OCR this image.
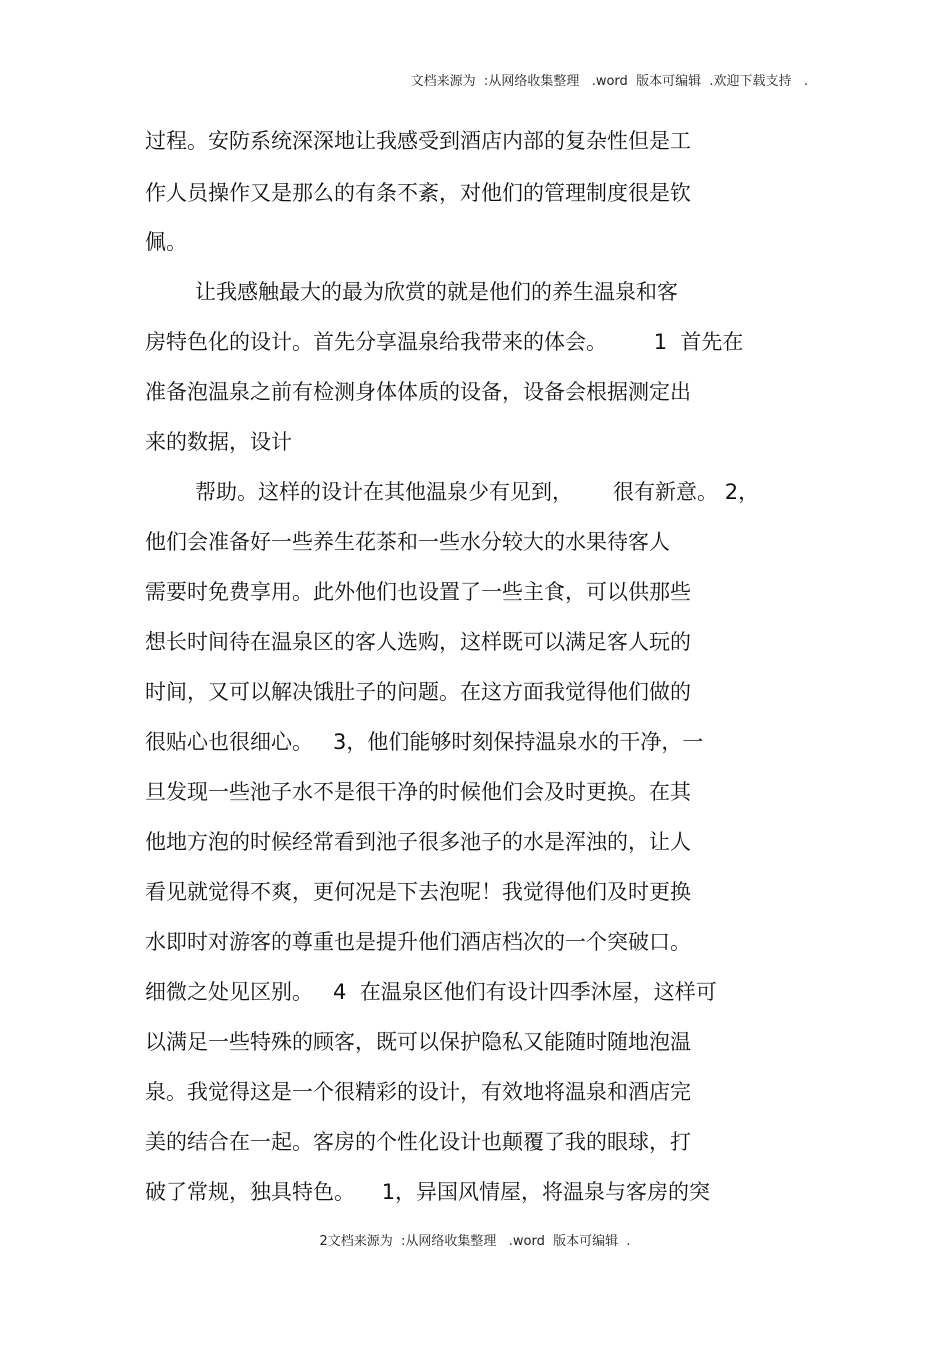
文档来源为  :从网络收集整理   .word  版本可编辑  .欢迎下载支持   .
过程。安防系统深深地让我感受到酒店内部的复杂性但是工
作人员操作又是那么的有条不紊，对他们的管理制度很是钦
佩。
让我感触最大的最为欣赏的就是他们的养生温泉和客
房特色化的设计。首先分享温泉给我带来的体会。       1  首先在
准备泡温泉之前有检测身体体质的设备，设备会根据测定出
来的数据，设计
帮助。这样的设计在其他温泉少有见到，      很有新意。 2，
他们会准备好一些养生花茶和一些水分较大的水果待客人
需要时免费享用。此外他们也设置了一些主食，可以供那些
想长时间待在温泉区的客人选购，这样既可以满足客人玩的
时间，又可以解决饿肚子的问题。在这方面我觉得他们做的
很贴心也很细心。   3，他们能够时刻保持温泉水的干净，一
旦发现一些池子水不是很干净的时候他们会及时更换。在其
他地方泡的时候经常看到池子很多池子的水是浑浊的，让人
看见就觉得不爽，更何况是下去泡呢！我觉得他们及时更换
水即时对游客的尊重也是提升他们酒店档次的一个突破口。
细微之处见区别。   4  在温泉区他们有设计四季沐屋，这样可
以满足一些特殊的顾客，既可以保护隐私又能随时随地泡温
泉。我觉得这是一个很精彩的设计，有效地将温泉和酒店完
美的结合在一起。客房的个性化设计也颠覆了我的眼球，打
破了常规，独具特色。    1，异国风情屋，将温泉与客房的突
2文档来源为  :从网络收集整理   .word  版本可编辑  .
